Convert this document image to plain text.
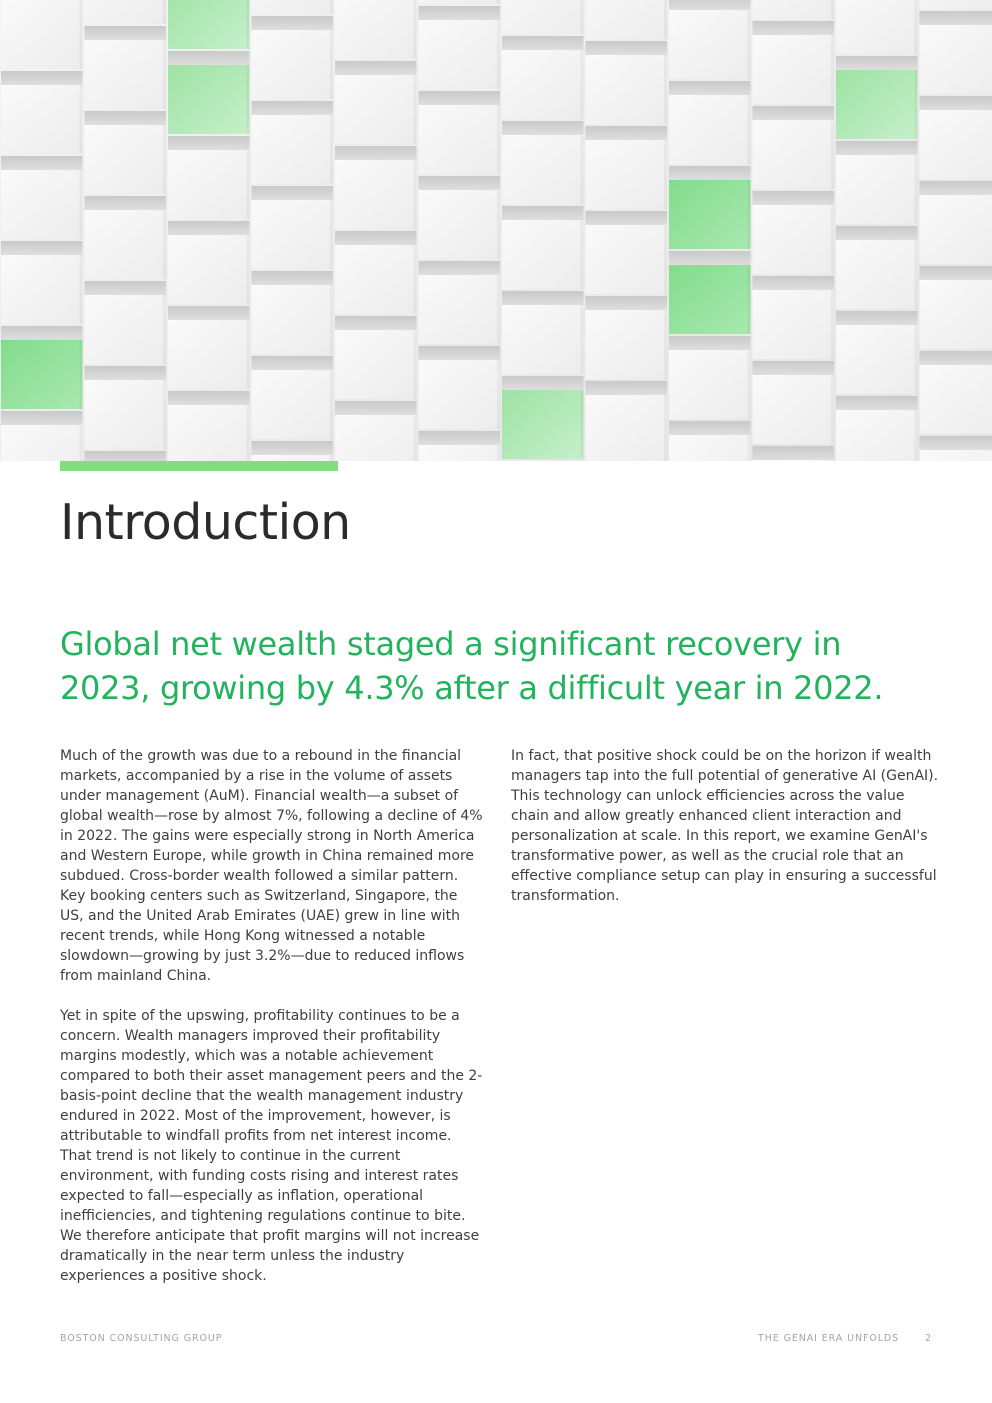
Introduction
Global net wealth staged a significant recovery in 2023, growing by 4.3% after a difficult year in 2022.

Much of the growth was due to a rebound in the financial markets, accompanied by a rise in the volume of assets under management (AuM). Financial wealth—a subset of global wealth—rose by almost 7%, following a decline of 4% in 2022. The gains were especially strong in North America and Western Europe, while growth in China remained more subdued. Cross-border wealth followed a similar pattern. Key booking centers such as Switzerland, Singapore, the US, and the United Arab Emirates (UAE) grew in line with recent trends, while Hong Kong witnessed a notable slowdown—growing by just 3.2%—due to reduced inflows from mainland China.

Yet in spite of the upswing, profitability continues to be a concern. Wealth managers improved their profitability margins modestly, which was a notable achievement compared to both their asset management peers and the 2-basis-point decline that the wealth management industry endured in 2022. Most of the improvement, however, is attributable to windfall profits from net interest income. That trend is not likely to continue in the current environment, with funding costs rising and interest rates expected to fall—especially as inflation, operational inefficiencies, and tightening regulations continue to bite. We therefore anticipate that profit margins will not increase dramatically in the near term unless the industry experiences a positive shock.

In fact, that positive shock could be on the horizon if wealth managers tap into the full potential of generative AI (GenAI). This technology can unlock efficiencies across the value chain and allow greatly enhanced client interaction and personalization at scale. In this report, we examine GenAI's transformative power, as well as the crucial role that an effective compliance setup can play in ensuring a successful transformation.

BOSTON CONSULTING GROUP	THE GENAI ERA UNFOLDS	2
